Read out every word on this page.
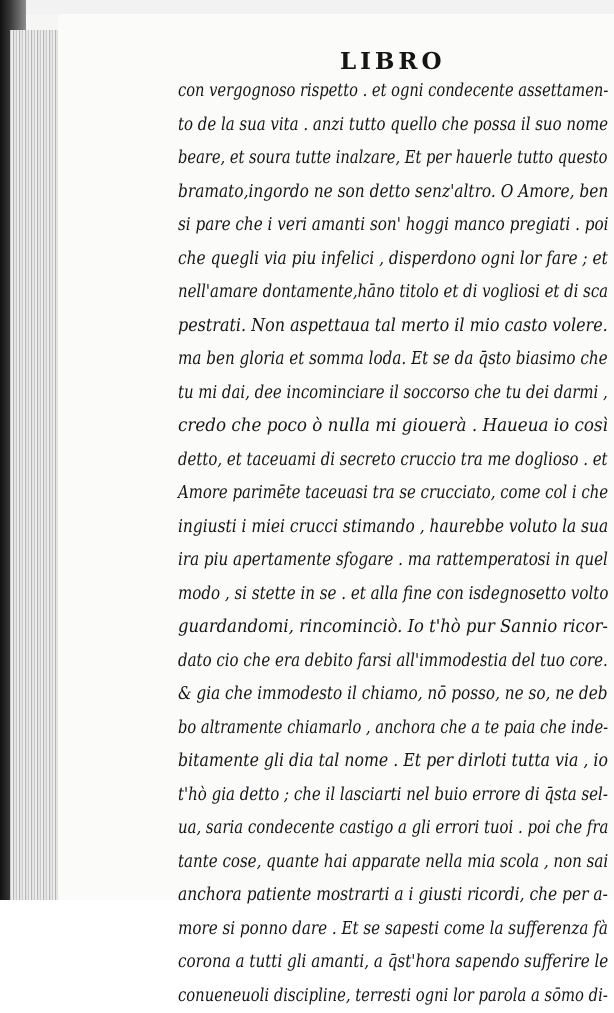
LIBRO
con vergognoso rispetto . et ogni condecente assettamen-
to de la sua vita . anzi tutto quello che possa il suo nome
beare, et soura tutte inalzare, Et per hauerle tutto questo
bramato,ingordo ne son detto senz'altro. O Amore, ben
si pare che i veri amanti son' hoggi manco pregiati . poi
che quegli via piu infelici , disperdono ogni lor fare ; et
nell'amare dontamente,hāno titolo et di vogliosi et di sca
pestrati. Non aspettaua tal merto il mio casto volere.
ma ben gloria et somma loda. Et se da q̄sto biasimo che
tu mi dai, dee incominciare il soccorso che tu dei darmi ,
credo che poco ò nulla mi giouerà . Haueua io così
detto, et taceuami di secreto cruccio tra me doglioso . et
Amore parimēte taceuasi tra se crucciato, come col i che
ingiusti i miei crucci stimando , haurebbe voluto la sua
ira piu apertamente sfogare . ma rattemperatosi in quel
modo , si stette in se . et alla fine con isdegnosetto volto
guardandomi, rincominciò. Io t'hò pur Sannio ricor-
dato cio che era debito farsi all'immodestia del tuo core.
& gia che immodesto il chiamo, nō posso, ne so, ne deb
bo altramente chiamarlo , anchora che a te paia che inde-
bitamente gli dia tal nome . Et per dirloti tutta via , io
t'hò gia detto ; che il lasciarti nel buio errore di q̄sta sel-
ua, saria condecente castigo a gli errori tuoi . poi che fra
tante cose, quante hai apparate nella mia scola , non sai
anchora patiente mostrarti a i giusti ricordi, che per a-
more si ponno dare . Et se sapesti come la sufferenza fà
corona a tutti gli amanti, a q̄st'hora sapendo sufferire le
conueneuoli discipline, terresti ogni lor parola a sōmo di-
